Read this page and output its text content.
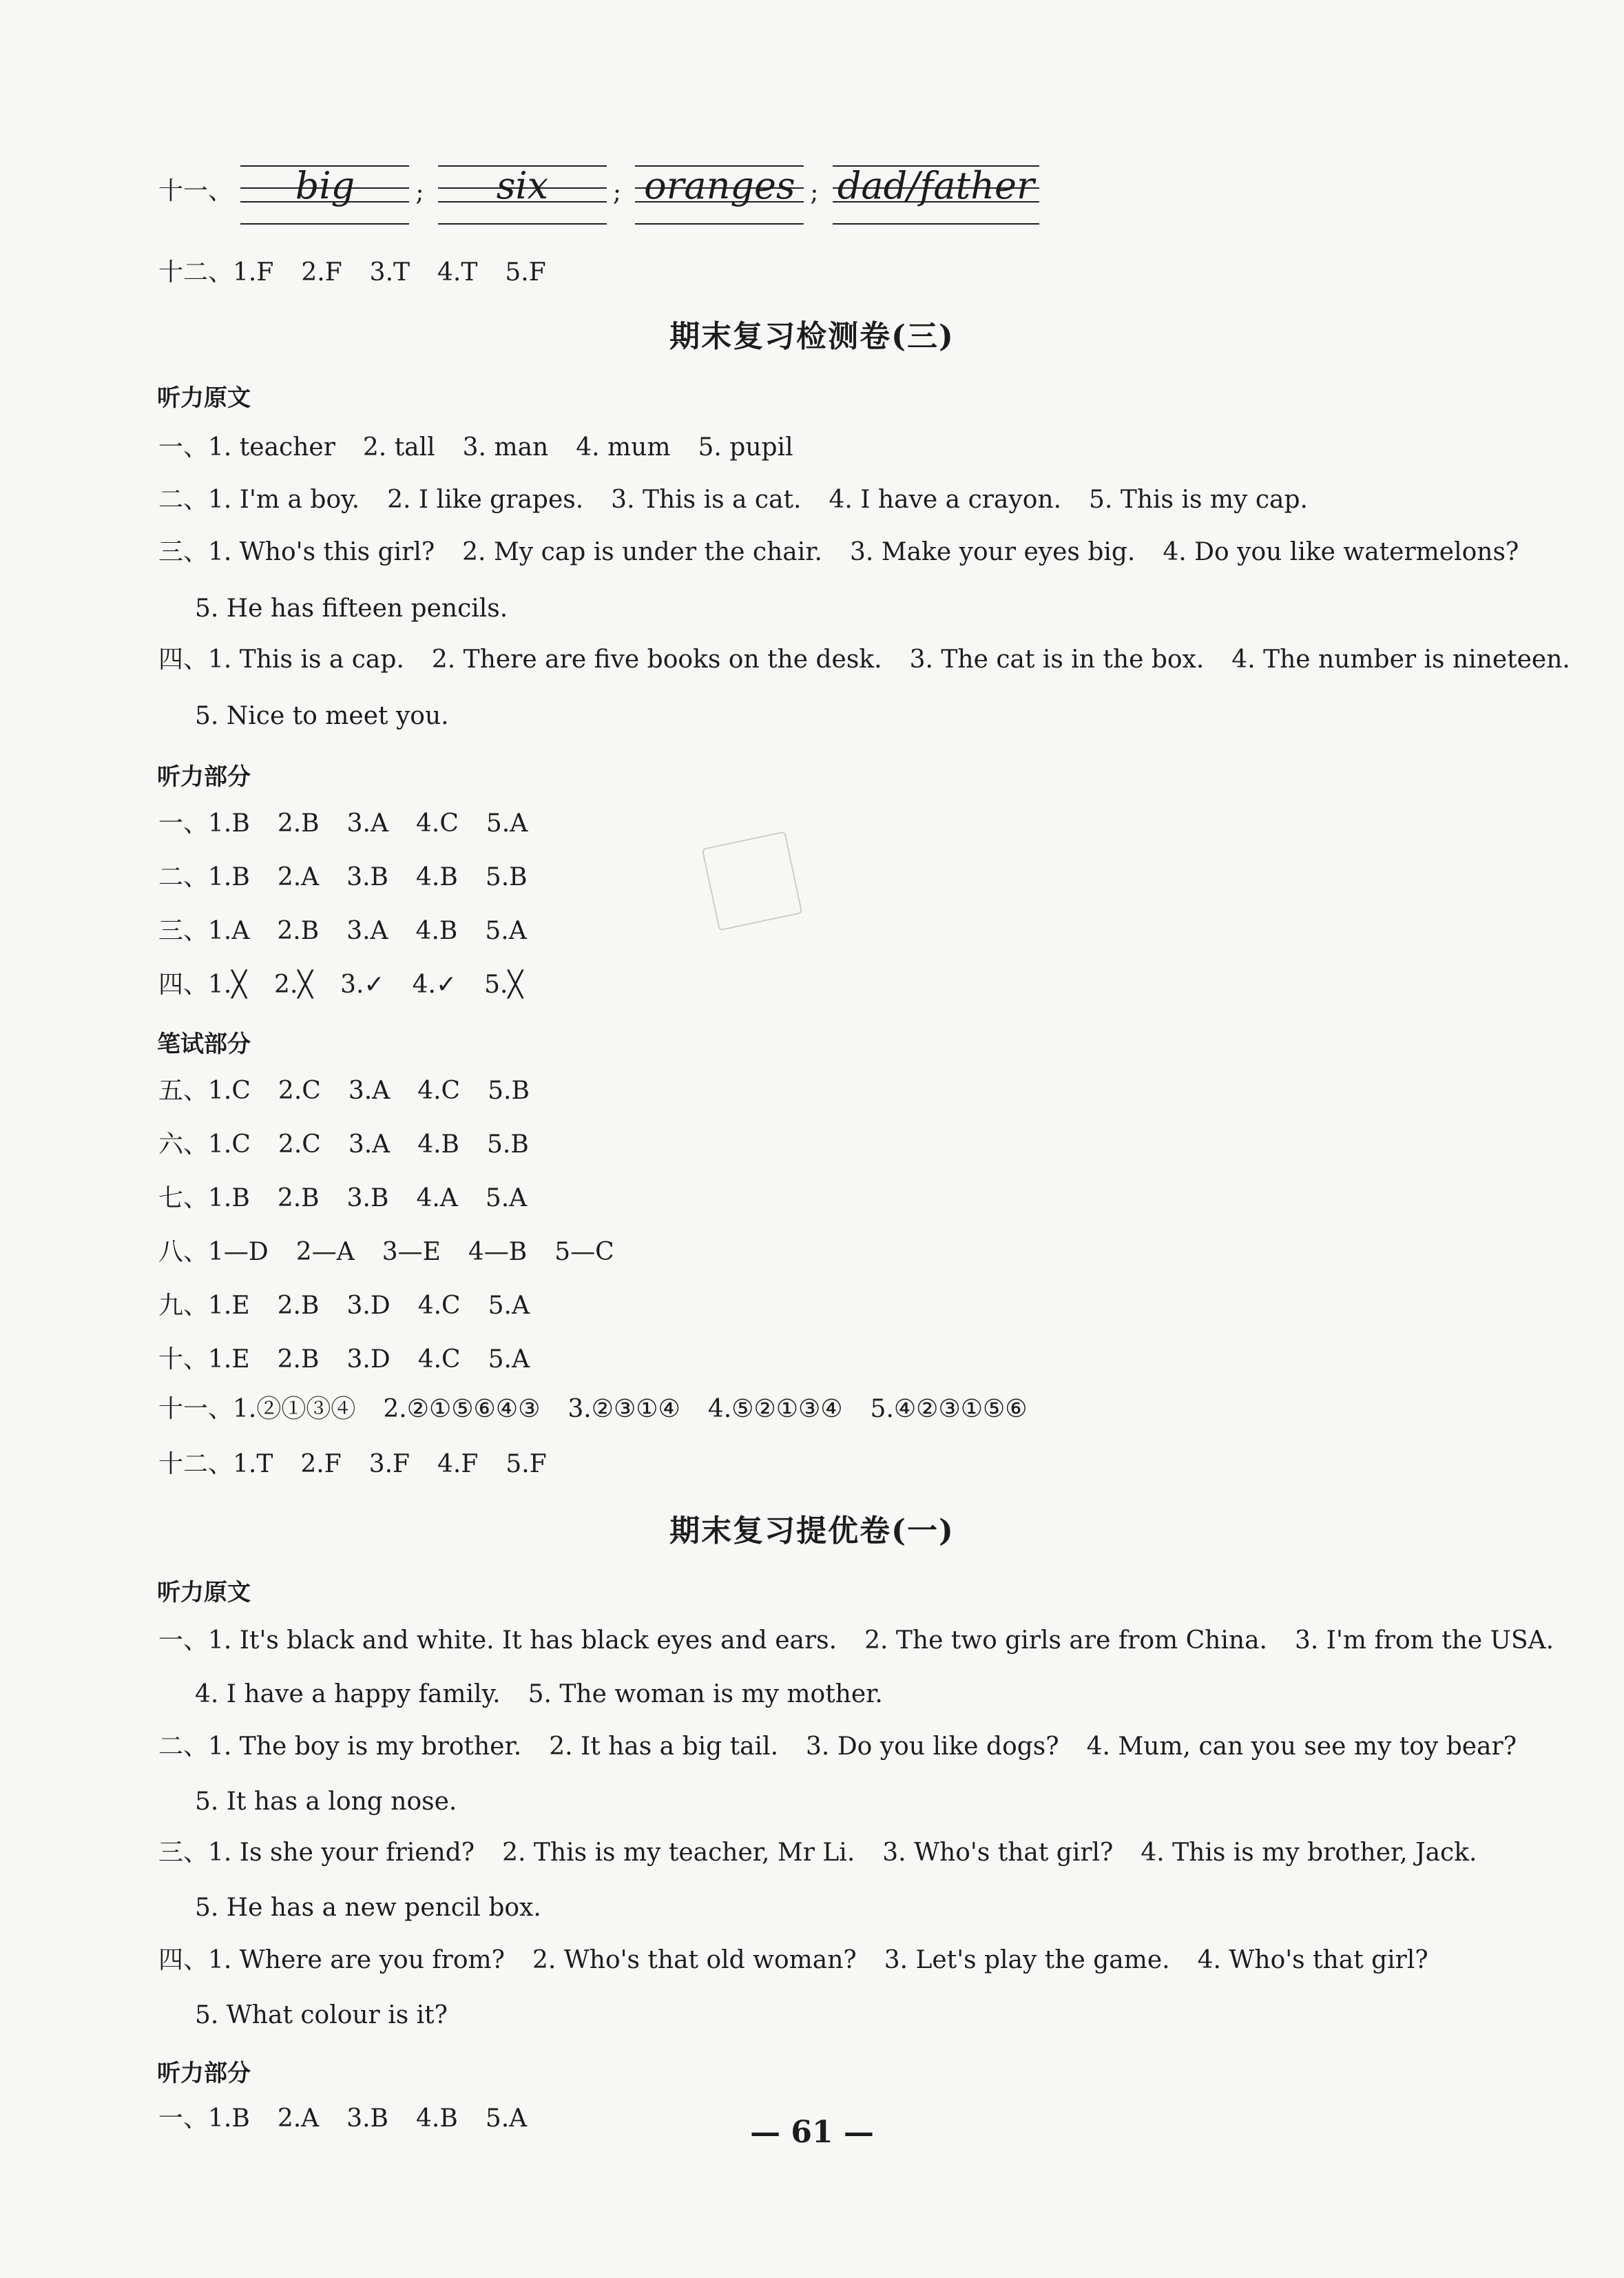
十一、	big	;	six	; oranges ; dad/father
十二、1.F 2.F 3.T 4.T 5.F
期末复习检测卷(三)
听力原文
一、1. teacher 2. tall 3. man 4. mum 5. pupil
二、1. I'm a boy. 2. I like grapes. 3. This is a cat. 4. I have a crayon. 5. This is my cap.
三、1. Who's this girl? 2. My cap is under the chair. 3. Make your eyes big. 4. Do you like watermelons?
5. He has fifteen pencils.
四、1. This is a cap. 2. There are five books on the desk. 3. The cat is in the box. 4. The number is nineteen.
5. Nice to meet you.
听力部分
一、1.B 2.B 3.A 4.C 5.A
二、1.B 2.A 3.B 4.B 5.B
三、1.A 2.B 3.A 4.B 5.A
四、1.╳ 2.╳ 3.✓ 4.✓ 5.╳
笔试部分
五、1.C 2.C 3.A 4.C 5.B
六、1.C 2.C 3.A 4.B 5.B
七、1.B 2.B 3.B 4.A 5.A
八、1—D 2—A 3—E 4—B 5—C
九、1.E 2.B 3.D 4.C 5.A
十、1.E 2.B 3.D 4.C 5.A
十一、1.②①③④ 2.②①⑤⑥④③ 3.②③①④ 4.⑤②①③④ 5.④②③①⑤⑥
十二、1.T 2.F 3.F 4.F 5.F
期末复习提优卷(一)
听力原文
一、1. It's black and white. It has black eyes and ears. 2. The two girls are from China. 3. I'm from the USA.
4. I have a happy family. 5. The woman is my mother.
二、1. The boy is my brother. 2. It has a big tail. 3. Do you like dogs? 4. Mum, can you see my toy bear?
5. It has a long nose.
三、1. Is she your friend? 2. This is my teacher, Mr Li. 3. Who's that girl? 4. This is my brother, Jack.
5. He has a new pencil box.
四、1. Where are you from? 2. Who's that old woman? 3. Let's play the game. 4. Who's that girl?
5. What colour is it?
听力部分
一、1.B 2.A 3.B 4.B 5.A	— 61 —
